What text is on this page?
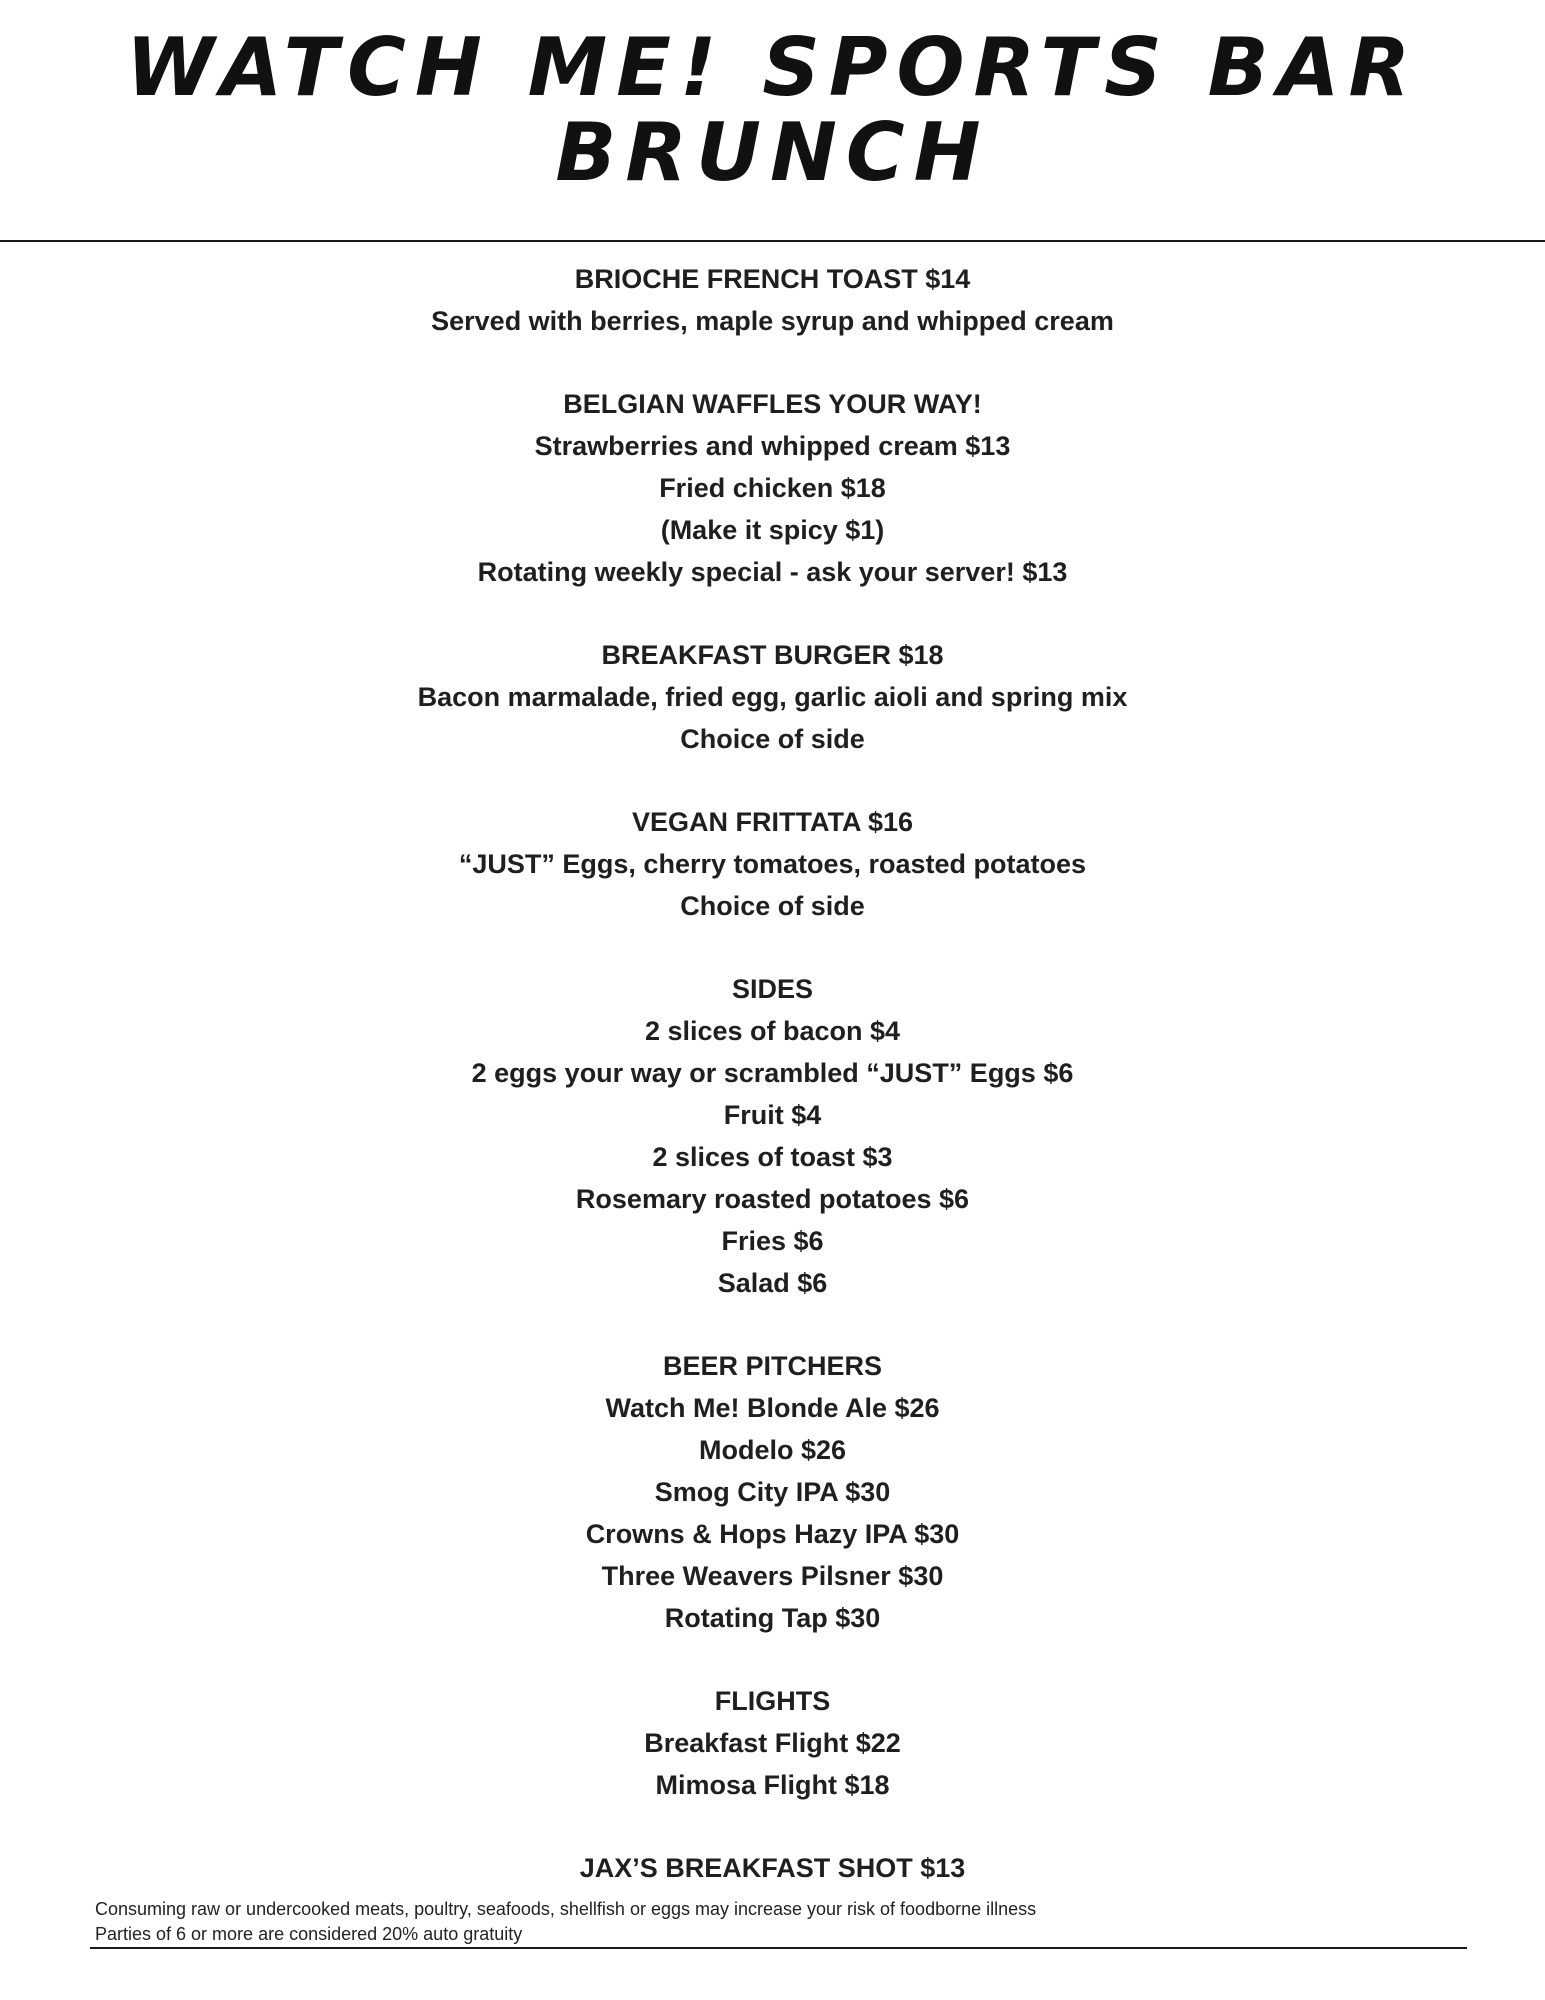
WATCH ME! SPORTS BAR
BRUNCH
BRIOCHE FRENCH TOAST $14
Served with berries, maple syrup and whipped cream
BELGIAN WAFFLES YOUR WAY!
Strawberries and whipped cream $13
Fried chicken $18
(Make it spicy $1)
Rotating weekly special - ask your server! $13
BREAKFAST BURGER $18
Bacon marmalade, fried egg, garlic aioli and spring mix
Choice of side
VEGAN FRITTATA $16
“JUST” Eggs, cherry tomatoes, roasted potatoes
Choice of side
SIDES
2 slices of bacon $4
2 eggs your way or scrambled “JUST” Eggs $6
Fruit $4
2 slices of toast $3
Rosemary roasted potatoes $6
Fries $6
Salad $6
BEER PITCHERS
Watch Me! Blonde Ale $26
Modelo $26
Smog City IPA $30
Crowns & Hops Hazy IPA $30
Three Weavers Pilsner $30
Rotating Tap $30
FLIGHTS
Breakfast Flight $22
Mimosa Flight $18
JAX’S BREAKFAST SHOT $13
Consuming raw or undercooked meats, poultry, seafoods, shellfish or eggs may increase your risk of foodborne illness
Parties of 6 or more are considered 20% auto gratuity
